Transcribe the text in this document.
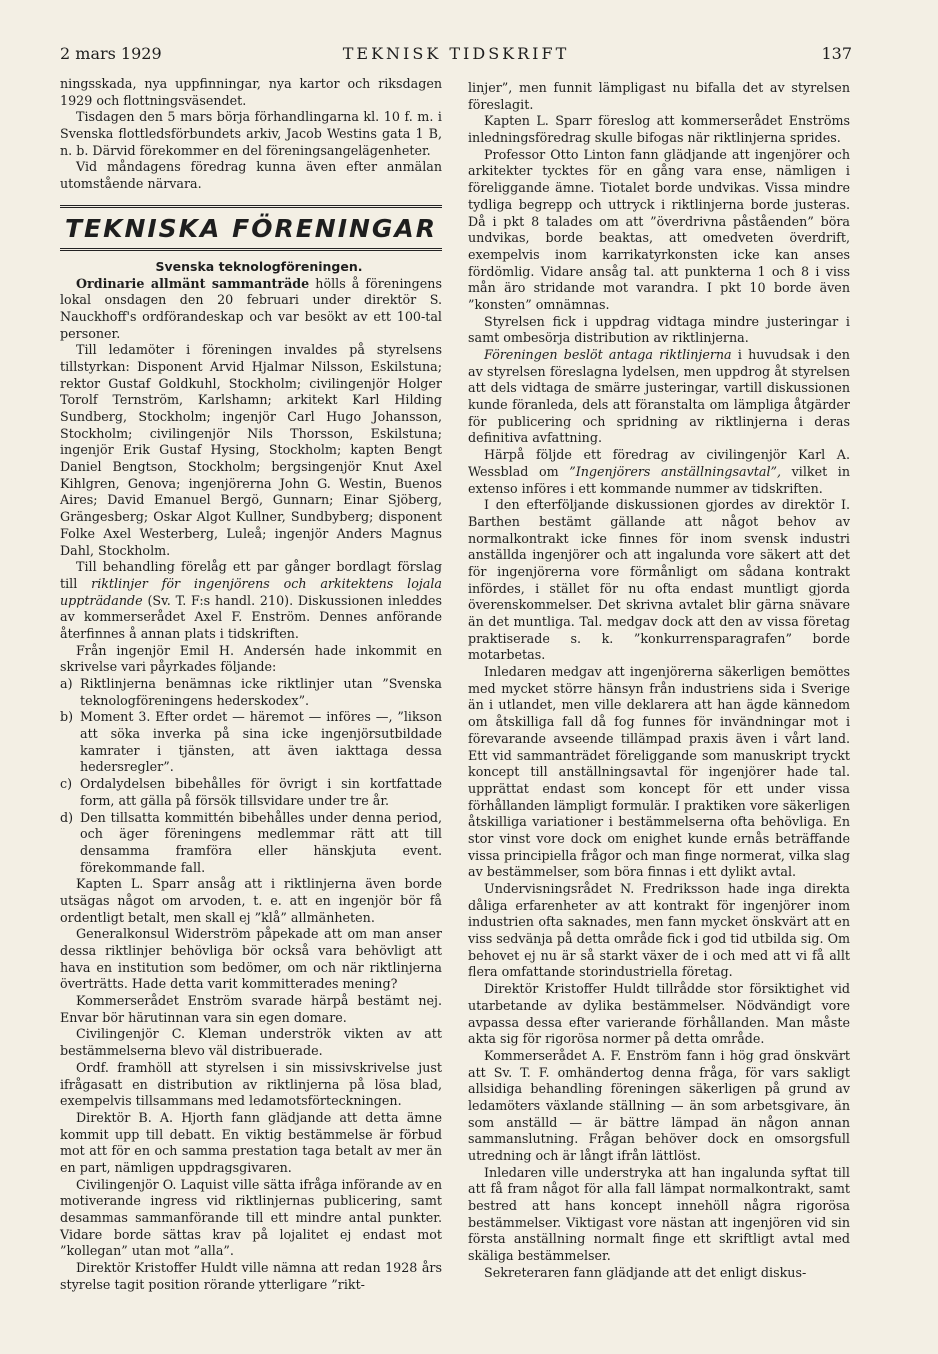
2 mars 1929	TEKNISK TIDSKRIFT	137

ningsskada, nya uppfinningar, nya kartor och riksdagen 1929 och flottningsväsendet.

Tisdagen den 5 mars börja förhandlingarna kl. 10 f. m. i Svenska flottledsförbundets arkiv, Jacob Westins gata 1 B, n. b. Därvid förekommer en del föreningsangelägenheter.

Vid måndagens föredrag kunna även efter anmälan utomstående närvara.

TEKNISKA FÖRENINGAR

Svenska teknologföreningen.

Ordinarie allmänt sammanträde hölls å föreningens lokal onsdagen den 20 februari under direktör S. Nauckhoff's ordförandeskap och var besökt av ett 100-tal personer.

Till ledamöter i föreningen invaldes på styrelsens tillstyrkan: Disponent Arvid Hjalmar Nilsson, Eskilstuna; rektor Gustaf Goldkuhl, Stockholm; civilingenjör Holger Torolf Ternström, Karlshamn; arkitekt Karl Hilding Sundberg, Stockholm; ingenjör Carl Hugo Johansson, Stockholm; civilingenjör Nils Thorsson, Eskilstuna; ingenjör Erik Gustaf Hysing, Stockholm; kapten Bengt Daniel Bengtson, Stockholm; bergsingenjör Knut Axel Kihlgren, Genova; ingenjörerna John G. Westin, Buenos Aires; David Emanuel Bergö, Gunnarn; Einar Sjöberg, Grängesberg; Oskar Algot Kullner, Sundbyberg; disponent Folke Axel Westerberg, Luleå; ingenjör Anders Magnus Dahl, Stockholm.

Till behandling förelåg ett par gånger bordlagt förslag till riktlinjer för ingenjörens och arkitektens lojala uppträdande (Sv. T. F:s handl. 210). Diskussionen inleddes av kommerserådet Axel F. Enström. Dennes anförande återfinnes å annan plats i tidskriften.

Från ingenjör Emil H. Andersén hade inkommit en skrivelse vari påyrkades följande:

a) Riktlinjerna benämnas icke riktlinjer utan ”Svenska teknologföreningens hederskodex”.
b) Moment 3. Efter ordet — häremot — införes —, ”likson att söka inverka på sina icke ingenjörsutbildade kamrater i tjänsten, att även iakttaga dessa hedersregler”.
c) Ordalydelsen bibehålles för övrigt i sin kortfattade form, att gälla på försök tillsvidare under tre år.
d) Den tillsatta kommittén bibehålles under denna period, och äger föreningens medlemmar rätt att till densamma framföra eller hänskjuta event. förekommande fall.

Kapten L. Sparr ansåg att i riktlinjerna även borde utsägas något om arvoden, t. e. att en ingenjör bör få ordentligt betalt, men skall ej ”klå” allmänheten.

Generalkonsul Widerström påpekade att om man anser dessa riktlinjer behövliga bör också vara behövligt att hava en institution som bedömer, om och när riktlinjerna överträtts. Hade detta varit kommitterades mening?

Kommerserådet Enström svarade härpå bestämt nej. Envar bör härutinnan vara sin egen domare.

Civilingenjör C. Kleman underströk vikten av att bestämmelserna blevo väl distribuerade.

Ordf. framhöll att styrelsen i sin missivskrivelse just ifrågasatt en distribution av riktlinjerna på lösa blad, exempelvis tillsammans med ledamotsförteckningen.

Direktör B. A. Hjorth fann glädjande att detta ämne kommit upp till debatt. En viktig bestämmelse är förbud mot att för en och samma prestation taga betalt av mer än en part, nämligen uppdragsgivaren.

Civilingenjör O. Laquist ville sätta ifråga införande av en motiverande ingress vid riktlinjernas publicering, samt desammas sammanförande till ett mindre antal punkter. Vidare borde sättas krav på lojalitet ej endast mot ”kollegan” utan mot ”alla”.

Direktör Kristoffer Huldt ville nämna att redan 1928 års styrelse tagit position rörande ytterligare ”rikt-

linjer”, men funnit lämpligast nu bifalla det av styrelsen föreslagit.

Kapten L. Sparr föreslog att kommerserådet Enströms inledningsföredrag skulle bifogas när riktlinjerna sprides.

Professor Otto Linton fann glädjande att ingenjörer och arkitekter tycktes för en gång vara ense, nämligen i föreliggande ämne. Tiotalet borde undvikas. Vissa mindre tydliga begrepp och uttryck i riktlinjerna borde justeras. Då i pkt 8 talades om att ”överdrivna påståenden” böra undvikas, borde beaktas, att omedveten överdrift, exempelvis inom karrikatyrkonsten icke kan anses fördömlig. Vidare ansåg tal. att punkterna 1 och 8 i viss mån äro stridande mot varandra. I pkt 10 borde även ”konsten” omnämnas.

Styrelsen fick i uppdrag vidtaga mindre justeringar i samt ombesörja distribution av riktlinjerna.

Föreningen beslöt antaga riktlinjerna i huvudsak i den av styrelsen föreslagna lydelsen, men uppdrog åt styrelsen att dels vidtaga de smärre justeringar, vartill diskussionen kunde föranleda, dels att föranstalta om lämpliga åtgärder för publicering och spridning av riktlinjerna i deras definitiva avfattning.

Härpå följde ett föredrag av civilingenjör Karl A. Wessblad om ”Ingenjörers anställningsavtal”, vilket in extenso införes i ett kommande nummer av tidskriften.

I den efterföljande diskussionen gjordes av direktör I. Barthen bestämt gällande att något behov av normalkontrakt icke finnes för inom svensk industri anställda ingenjörer och att ingalunda vore säkert att det för ingenjörerna vore förmånligt om sådana kontrakt infördes, i stället för nu ofta endast muntligt gjorda överenskommelser. Det skrivna avtalet blir gärna snävare än det muntliga. Tal. medgav dock att den av vissa företag praktiserade s. k. ”konkurrensparagrafen” borde motarbetas.

Inledaren medgav att ingenjörerna säkerligen bemöttes med mycket större hänsyn från industriens sida i Sverige än i utlandet, men ville deklarera att han ägde kännedom om åtskilliga fall då fog funnes för invändningar mot i förevarande avseende tillämpad praxis även i vårt land. Ett vid sammanträdet föreliggande som manuskript tryckt koncept till anställningsavtal för ingenjörer hade tal. upprättat endast som koncept för ett under vissa förhållanden lämpligt formulär. I praktiken vore säkerligen åtskilliga variationer i bestämmelserna ofta behövliga. En stor vinst vore dock om enighet kunde ernås beträffande vissa principiella frågor och man finge normerat, vilka slag av bestämmelser, som böra finnas i ett dylikt avtal.

Undervisningsrådet N. Fredriksson hade inga direkta dåliga erfarenheter av att kontrakt för ingenjörer inom industrien ofta saknades, men fann mycket önskvärt att en viss sedvänja på detta område fick i god tid utbilda sig. Om behovet ej nu är så starkt växer de i och med att vi få allt flera omfattande storindustriella företag.

Direktör Kristoffer Huldt tillrådde stor försiktighet vid utarbetande av dylika bestämmelser. Nödvändigt vore avpassa dessa efter varierande förhållanden. Man måste akta sig för rigorösa normer på detta område.

Kommerserådet A. F. Enström fann i hög grad önskvärt att Sv. T. F. omhändertog denna fråga, för vars sakligt allsidiga behandling föreningen säkerligen på grund av ledamöters växlande ställning — än som arbetsgivare, än som anställd — är bättre lämpad än någon annan sammanslutning. Frågan behöver dock en omsorgsfull utredning och är långt ifrån lättlöst.

Inledaren ville understryka att han ingalunda syftat till att få fram något för alla fall lämpat normalkontrakt, samt bestred att hans koncept innehöll några rigorösa bestämmelser. Viktigast vore nästan att ingenjören vid sin första anställning normalt finge ett skriftligt avtal med skäliga bestämmelser.

Sekreteraren fann glädjande att det enligt diskus-
